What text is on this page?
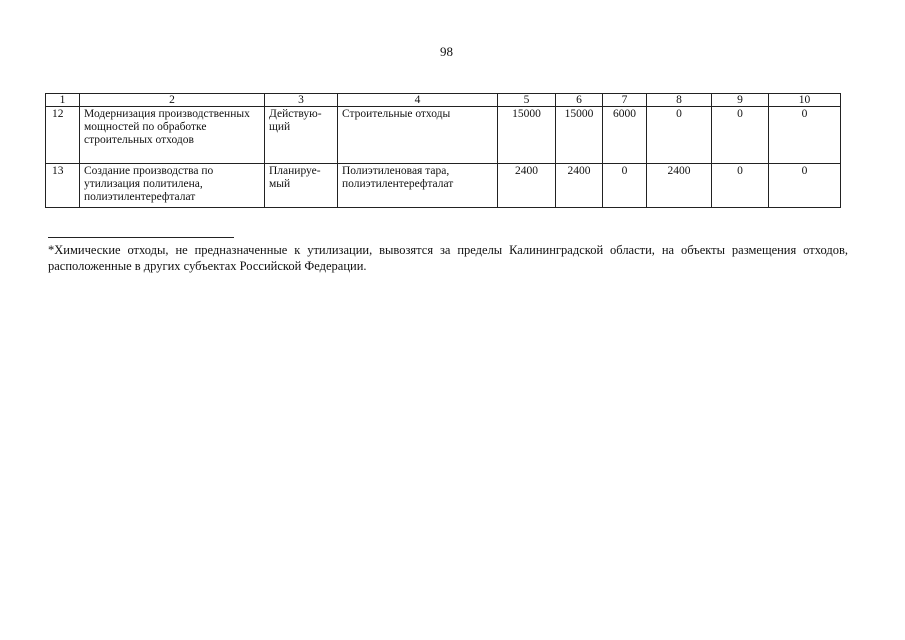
98
1	2	3	4	5	6	7	8	9	10
12	Модернизация производственных мощностей по обработке строительных отходов	Действую-щий	Строительные отходы	15000	15000	6000	0	0	0
13	Создание производства по утилизация политилена, полиэтилентерефталат	Планируе-мый	Полиэтиленовая тара, полиэтилентерефталат	2400	2400	0	2400	0	0
*Химические отходы, не предназначенные к утилизации, вывозятся за пределы Калининградской области, на объекты размещения отходов, расположенные в других субъектах Российской Федерации.
